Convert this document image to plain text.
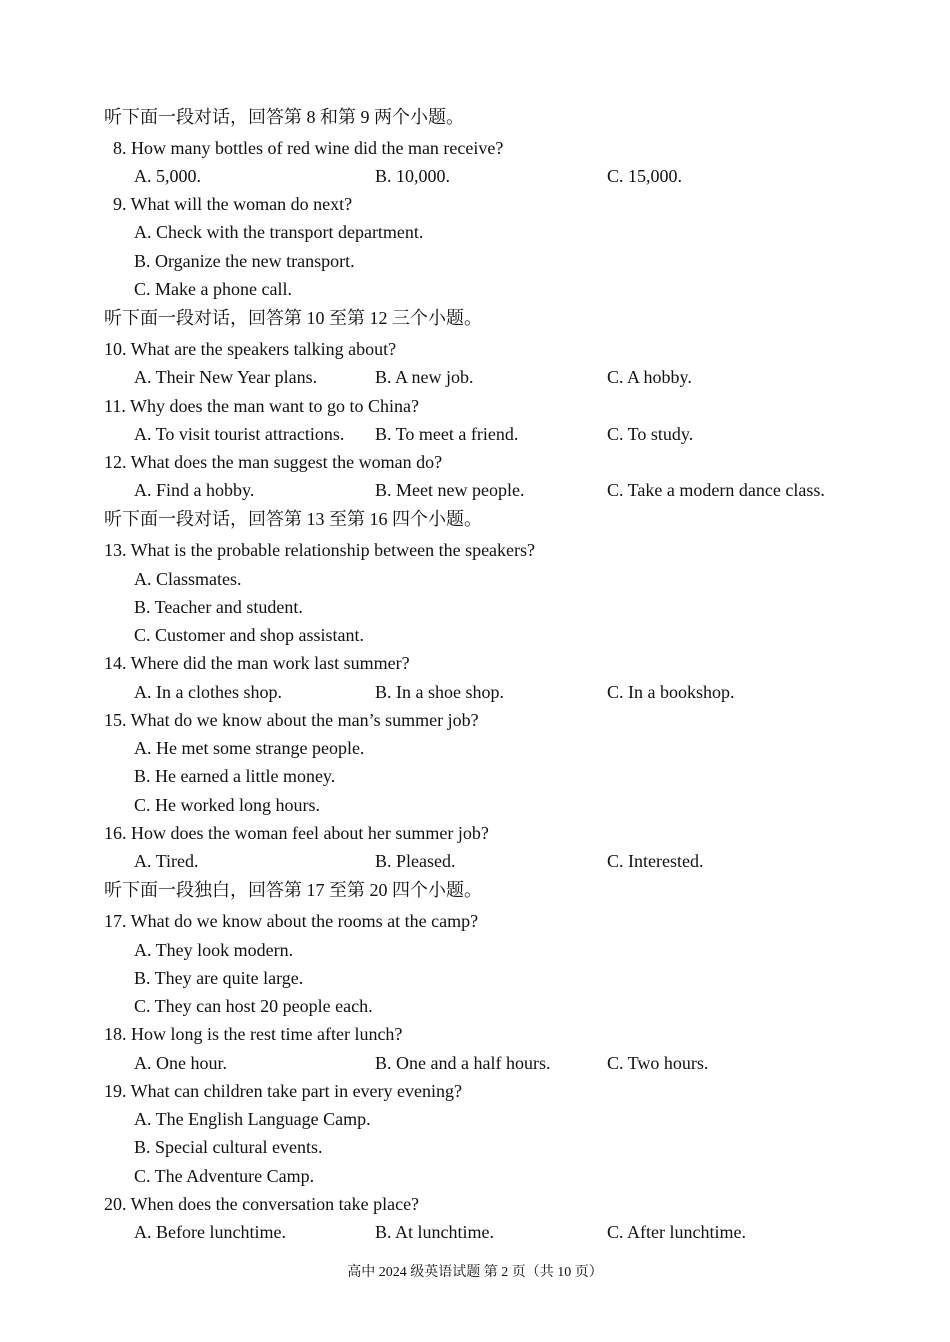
听下面一段对话，回答第 8 和第 9 两个小题。
8. How many bottles of red wine did the man receive?
A. 5,000.	B. 10,000.	C. 15,000.
9. What will the woman do next?
A. Check with the transport department.
B. Organize the new transport.
C. Make a phone call.
听下面一段对话，回答第 10 至第 12 三个小题。
10. What are the speakers talking about?
A. Their New Year plans.	B. A new job.	C. A hobby.
11. Why does the man want to go to China?
A. To visit tourist attractions. B. To meet a friend.	C. To study.
12. What does the man suggest the woman do?
A. Find a hobby.	B. Meet new people.	C. Take a modern dance class.
听下面一段对话，回答第 13 至第 16 四个小题。
13. What is the probable relationship between the speakers?
A. Classmates.
B. Teacher and student.
C. Customer and shop assistant.
14. Where did the man work last summer?
A. In a clothes shop.	B. In a shoe shop.	C. In a bookshop.
15. What do we know about the man’s summer job?
A. He met some strange people.
B. He earned a little money.
C. He worked long hours.
16. How does the woman feel about her summer job?
A. Tired.	B. Pleased.	C. Interested.
听下面一段独白，回答第 17 至第 20 四个小题。
17. What do we know about the rooms at the camp?
A. They look modern.
B. They are quite large.
C. They can host 20 people each.
18. How long is the rest time after lunch?
A. One hour.	B. One and a half hours.	C. Two hours.
19. What can children take part in every evening?
A. The English Language Camp.
B. Special cultural events.
C. The Adventure Camp.
20. When does the conversation take place?
A. Before lunchtime.	B. At lunchtime.	C. After lunchtime.
高中 2024 级英语试题 第 2 页（共 10 页）
